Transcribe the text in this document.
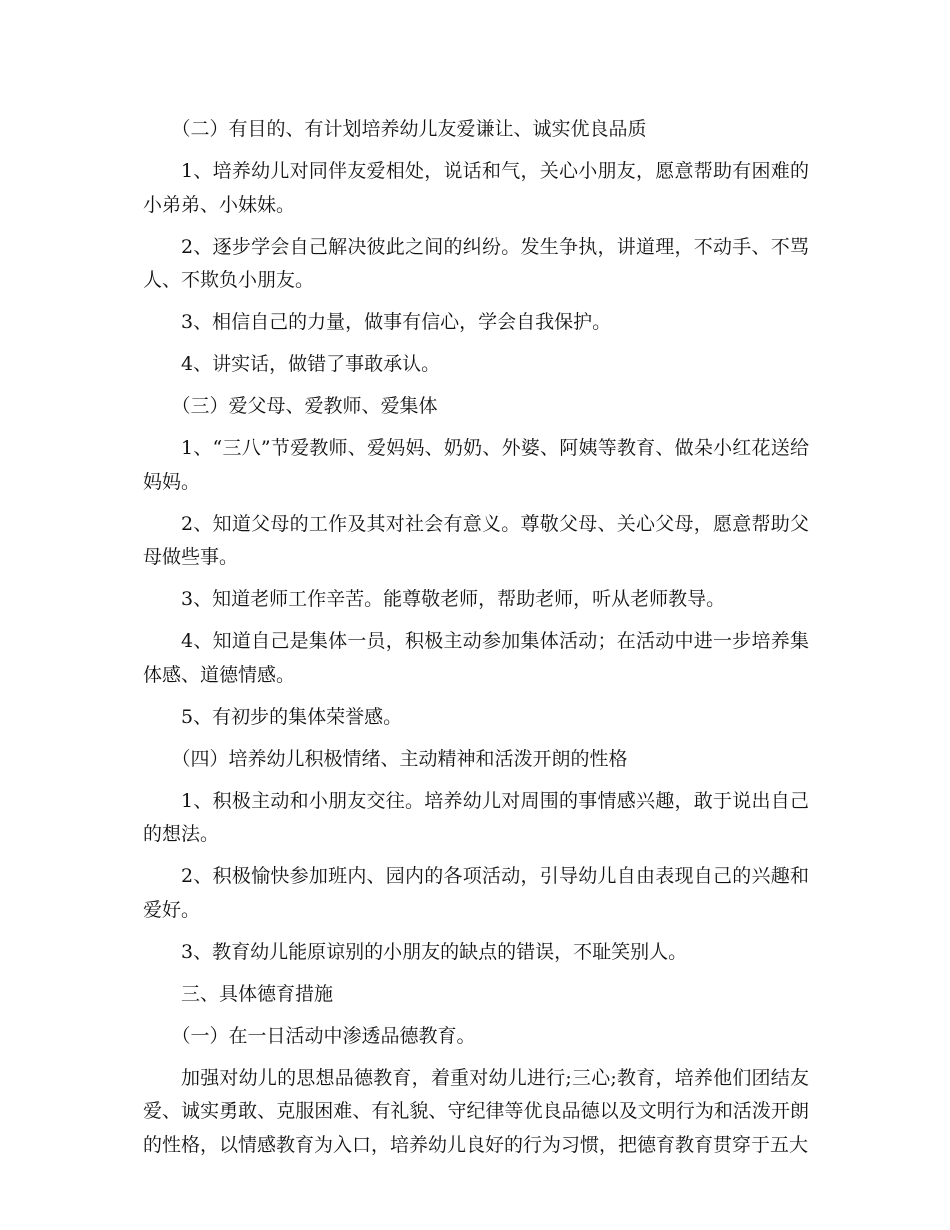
（二）有目的、有计划培养幼儿友爱谦让、诚实优良品质

1、培养幼儿对同伴友爱相处，说话和气，关心小朋友，愿意帮助有困难的小弟弟、小妹妹。

2、逐步学会自己解决彼此之间的纠纷。发生争执，讲道理，不动手、不骂人、不欺负小朋友。

3、相信自己的力量，做事有信心，学会自我保护。

4、讲实话，做错了事敢承认。

（三）爱父母、爱教师、爱集体

1、“三八”节爱教师、爱妈妈、奶奶、外婆、阿姨等教育、做朵小红花送给妈妈。

2、知道父母的工作及其对社会有意义。尊敬父母、关心父母，愿意帮助父母做些事。

3、知道老师工作辛苦。能尊敬老师，帮助老师，听从老师教导。

4、知道自己是集体一员，积极主动参加集体活动；在活动中进一步培养集体感、道德情感。

5、有初步的集体荣誉感。

（四）培养幼儿积极情绪、主动精神和活泼开朗的性格

1、积极主动和小朋友交往。培养幼儿对周围的事情感兴趣，敢于说出自己的想法。

2、积极愉快参加班内、园内的各项活动，引导幼儿自由表现自己的兴趣和爱好。

3、教育幼儿能原谅别的小朋友的缺点的错误，不耻笑别人。

三、具体德育措施

（一）在一日活动中渗透品德教育。

加强对幼儿的思想品德教育，着重对幼儿进行;三心;教育，培养他们团结友爱、诚实勇敢、克服困难、有礼貌、守纪律等优良品德以及文明行为和活泼开朗的性格，以情感教育为入口，培养幼儿良好的行为习惯，把德育教育贯穿于五大
